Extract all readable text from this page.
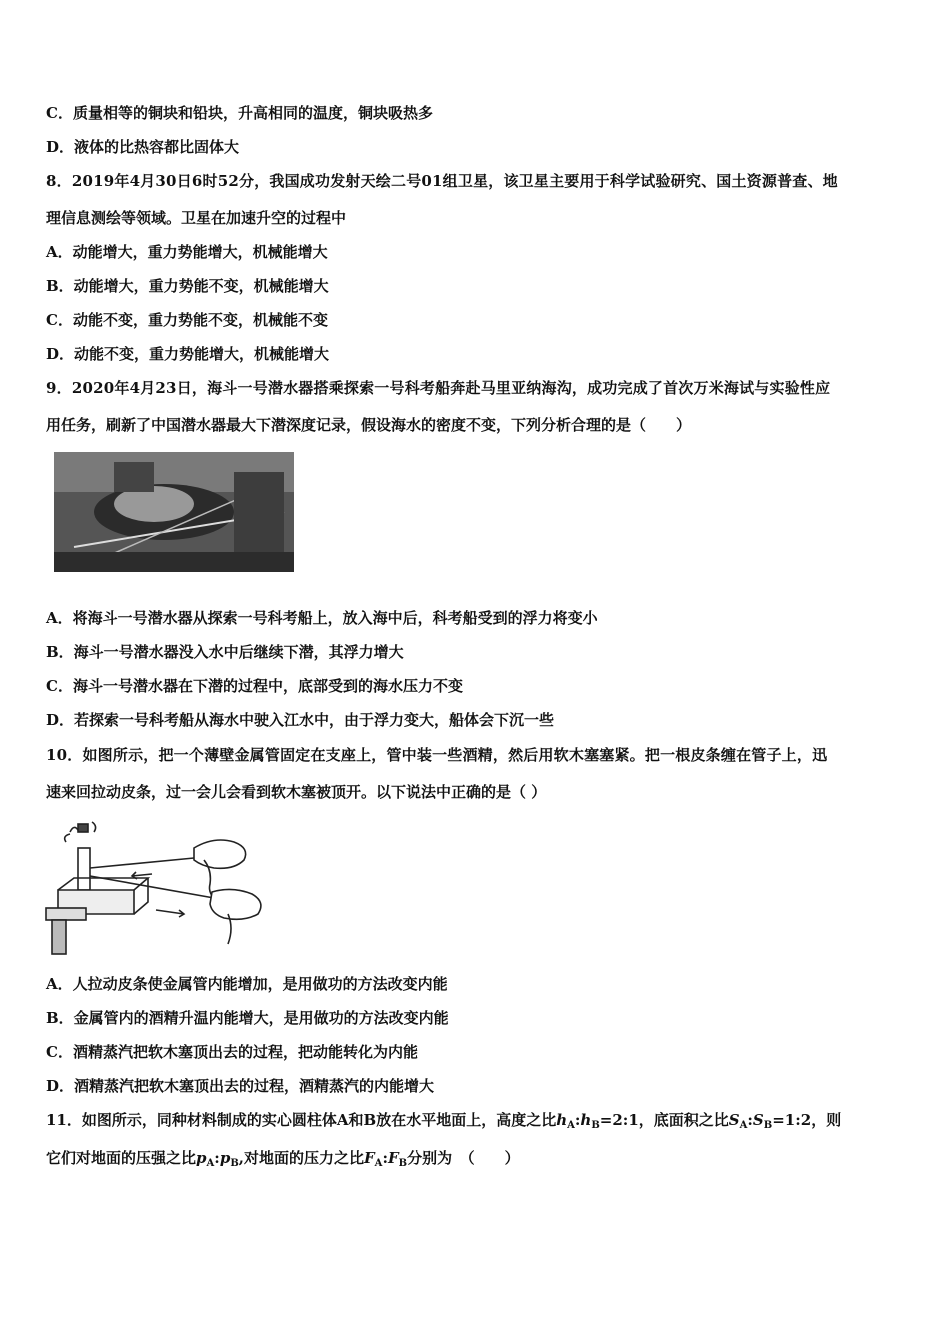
C．质量相等的铜块和铅块，升高相同的温度，铜块吸热多
D．液体的比热容都比固体大
8．2019年4月30日6时52分，我国成功发射天绘二号01组卫星，该卫星主要用于科学试验研究、国土资源普查、地
理信息测绘等领域。卫星在加速升空的过程中
A．动能增大，重力势能增大，机械能增大
B．动能增大，重力势能不变，机械能增大
C．动能不变，重力势能不变，机械能不变
D．动能不变，重力势能增大，机械能增大
9．2020年4月23日，海斗一号潜水器搭乘探索一号科考船奔赴马里亚纳海沟，成功完成了首次万米海试与实验性应
用任务，刷新了中国潜水器最大下潜深度记录，假设海水的密度不变，下列分析合理的是（　　）
A．将海斗一号潜水器从探索一号科考船上，放入海中后，科考船受到的浮力将变小
B．海斗一号潜水器没入水中后继续下潜，其浮力增大
C．海斗一号潜水器在下潜的过程中，底部受到的海水压力不变
D．若探索一号科考船从海水中驶入江水中，由于浮力变大，船体会下沉一些
10．如图所示，把一个薄壁金属管固定在支座上，管中装一些酒精，然后用软木塞塞紧。把一根皮条缠在管子上，迅
速来回拉动皮条，过一会儿会看到软木塞被顶开。以下说法中正确的是（ ）
A．人拉动皮条使金属管内能增加，是用做功的方法改变内能
B．金属管内的酒精升温内能增大，是用做功的方法改变内能
C．酒精蒸汽把软木塞顶出去的过程，把动能转化为内能
D．酒精蒸汽把软木塞顶出去的过程，酒精蒸汽的内能增大
11．如图所示，同种材料制成的实心圆柱体A和B放在水平地面上，高度之比$h_A:h_B=2:1$，底面积之比$S_A:S_B=1:2$，则
它们对地面的压强之比$p_A:p_B$,对地面的压力之比$F_A:F_B$分别为　（　　）
